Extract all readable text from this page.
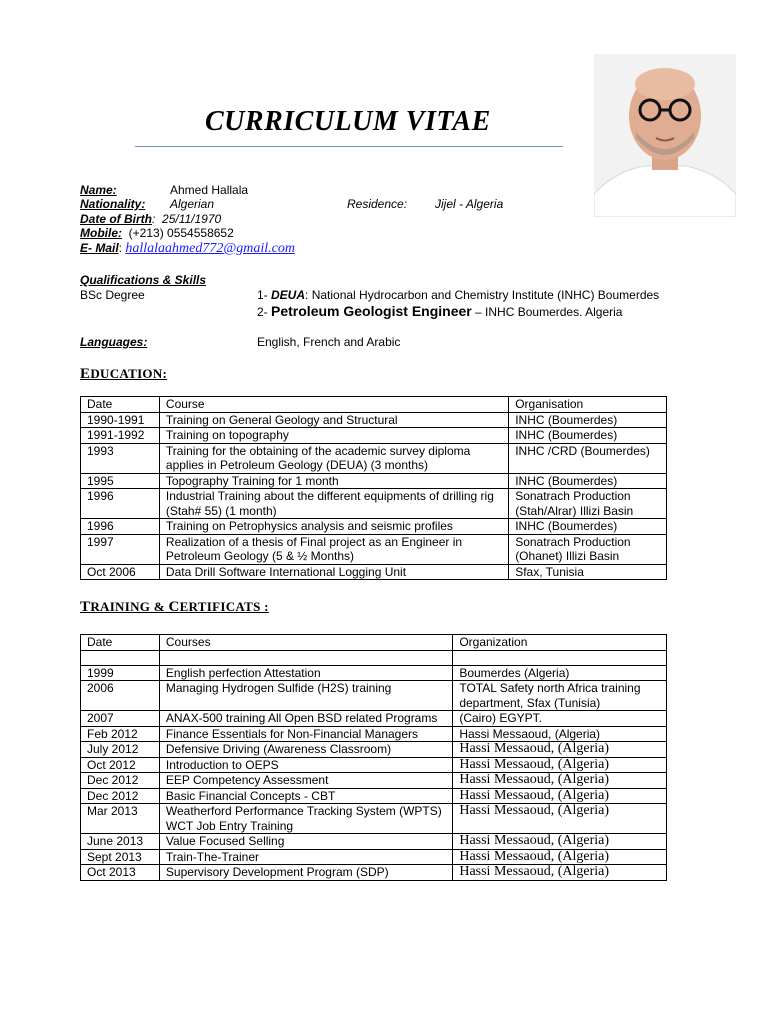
CURRICULUM VITAE
Name:	Ahmed Hallala
Nationality: Algerian	Residence: Jijel - Algeria
Date of Birth:  25/11/1970
Mobile: (+213) 0554558652
E- Mail: hallalaahmed772@gmail.com
Qualifications & Skills
BSc Degree	1- DEUA: National Hydrocarbon and Chemistry Institute (INHC) Boumerdes
2- Petroleum Geologist Engineer – INHC Boumerdes. Algeria
Languages:	English, French and Arabic
EDUCATION:
Date	Course	Organisation
1990-1991	Training on General Geology and Structural	INHC (Boumerdes)
1991-1992	Training on topography	INHC (Boumerdes)
1993	Training for the obtaining of the academic survey diploma applies in Petroleum Geology (DEUA) (3 months)	INHC /CRD (Boumerdes)
1995	Topography Training for 1 month	INHC (Boumerdes)
1996	Industrial Training about the different equipments of drilling rig (Stah# 55) (1 month)	Sonatrach Production (Stah/Alrar) Illizi Basin
1996	Training on Petrophysics analysis and seismic profiles	INHC (Boumerdes)
1997	Realization of a thesis of Final project as an Engineer in Petroleum Geology (5 & ½ Months)	Sonatrach Production (Ohanet) Illizi Basin
Oct 2006	Data Drill Software International Logging Unit	Sfax, Tunisia
TRAINING & CERTIFICATS :
Date	Courses	Organization

1999	English perfection Attestation	Boumerdes (Algeria)
2006	Managing Hydrogen Sulfide (H2S) training	TOTAL Safety north Africa training department, Sfax (Tunisia)
2007	ANAX-500 training All Open BSD related Programs	(Cairo) EGYPT.
Feb 2012	Finance Essentials for Non-Financial Managers	Hassi Messaoud, (Algeria)
July 2012	Defensive Driving (Awareness Classroom)	Hassi Messaoud, (Algeria)
Oct 2012	Introduction to OEPS	Hassi Messaoud, (Algeria)
Dec 2012	EEP Competency Assessment	Hassi Messaoud, (Algeria)
Dec 2012	Basic Financial Concepts - CBT	Hassi Messaoud, (Algeria)
Mar 2013	Weatherford Performance Tracking System (WPTS) WCT Job Entry Training	Hassi Messaoud, (Algeria)
June 2013	Value Focused Selling	Hassi Messaoud, (Algeria)
Sept 2013	Train-The-Trainer	Hassi Messaoud, (Algeria)
Oct 2013	Supervisory Development Program (SDP)	Hassi Messaoud, (Algeria)
